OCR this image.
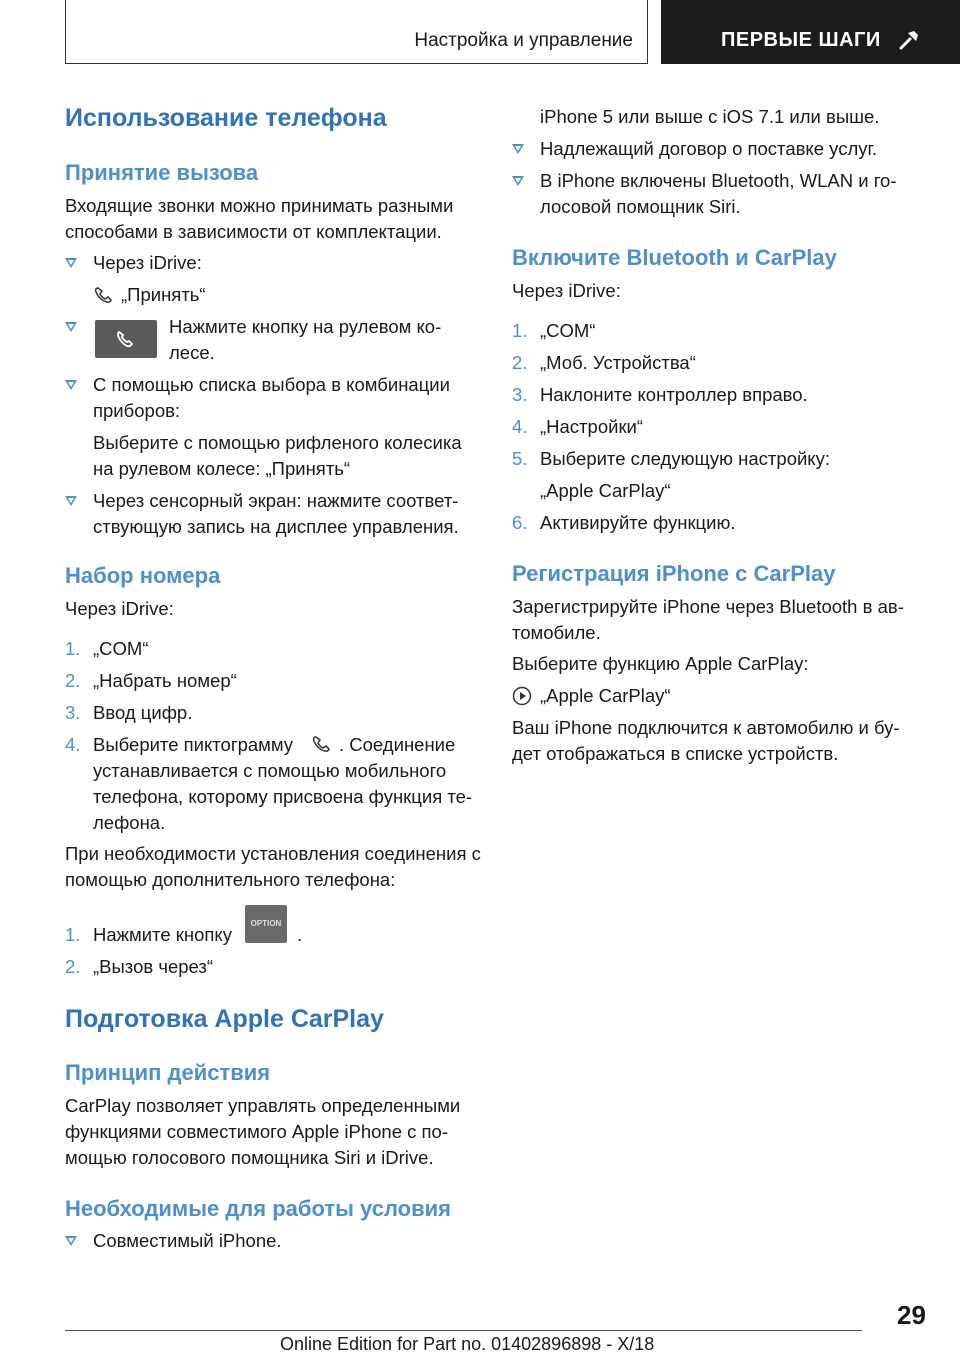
Настройка и управление	ПЕРВЫЕ ШАГИ
Использование телефона
Принятие вызова
Входящие звонки можно принимать разными способами в зависимости от комплектации.
Через iDrive:
„Принять“
Нажмите кнопку на рулевом ко-лесе.
С помощью списка выбора в комбинации приборов:
Выберите с помощью рифленого колесика на рулевом колесе: „Принять“
Через сенсорный экран: нажмите соответ-ствующую запись на дисплее управления.
Набор номера
Через iDrive:
1. „COM“
2. „Набрать номер“
3. Ввод цифр.
4. Выберите пиктограмму	. Соединение устанавливается с помощью мобильного телефона, которому присвоена функция те-лефона.
При необходимости установления соединения с помощью дополнительного телефона:
1. Нажмите кнопку
OPTION
.
2. „Вызов через“
Подготовка Apple CarPlay
Принцип действия
CarPlay позволяет управлять определенными функциями совместимого Apple iPhone с по-мощью голосового помощника Siri и iDrive.
Необходимые для работы условия
Совместимый iPhone.
iPhone 5 или выше с iOS 7.1 или выше.
Надлежащий договор о поставке услуг.
В iPhone включены Bluetooth, WLAN и го-лосовой помощник Siri.
Включите Bluetooth и CarPlay
Через iDrive:
1. „COM“
2. „Моб. Устройства“
3. Наклоните контроллер вправо.
4. „Настройки“
5. Выберите следующую настройку:
„Apple CarPlay“
6. Активируйте функцию.
Регистрация iPhone с CarPlay
Зарегистрируйте iPhone через Bluetooth в ав-томобиле.
Выберите функцию Apple CarPlay:
„Apple CarPlay“
Ваш iPhone подключится к автомобилю и бу-дет отображаться в списке устройств.
29
Online Edition for Part no. 01402896898 - X/18
